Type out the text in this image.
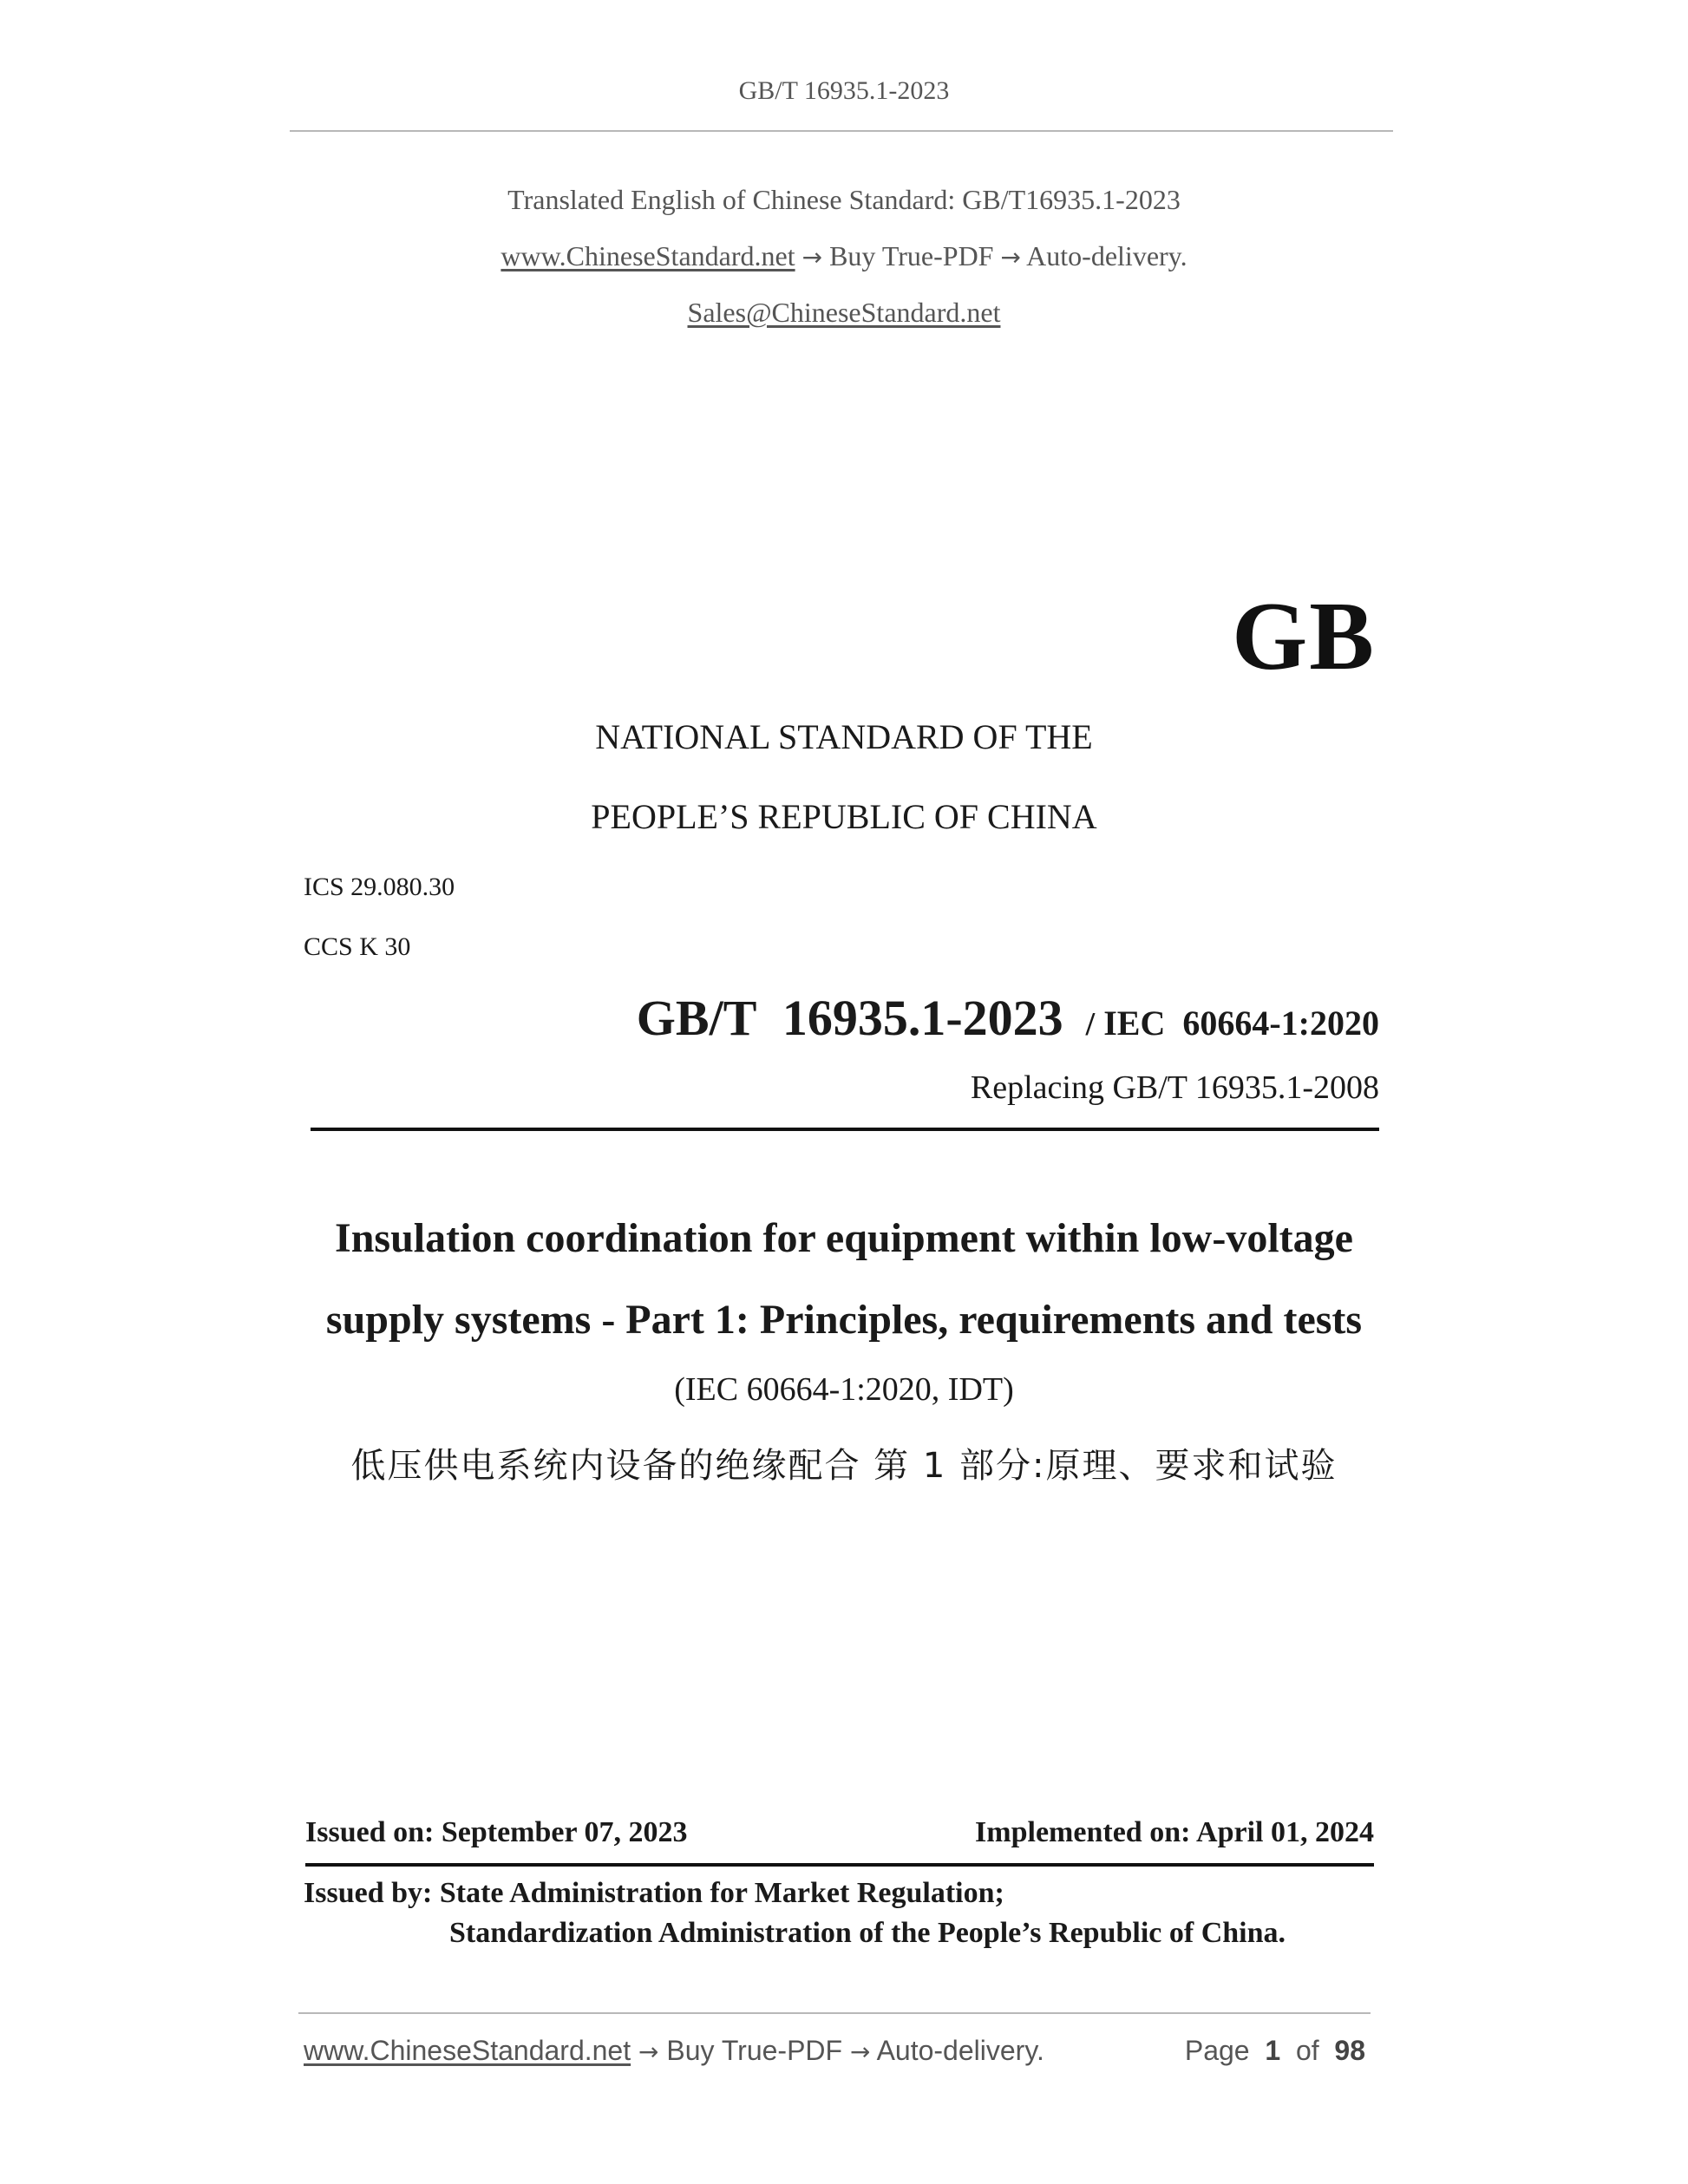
GB/T 16935.1-2023
Translated English of Chinese Standard: GB/T16935.1-2023
www.ChineseStandard.net → Buy True-PDF → Auto-delivery.
Sales@ChineseStandard.net
GB
NATIONAL STANDARD OF THE
PEOPLE’S REPUBLIC OF CHINA
ICS 29.080.30
CCS K 30
GB/T 16935.1-2023 / IEC 60664-1:2020
Replacing GB/T 16935.1-2008
Insulation coordination for equipment within low-voltage
supply systems - Part 1: Principles, requirements and tests
(IEC 60664-1:2020, IDT)
低压供电系统内设备的绝缘配合 第 1 部分:原理、要求和试验
Issued on: September 07, 2023	Implemented on: April 01, 2024
Issued by: State Administration for Market Regulation;
Standardization Administration of the People’s Republic of China.
www.ChineseStandard.net → Buy True-PDF → Auto-delivery.	Page 1 of 98
